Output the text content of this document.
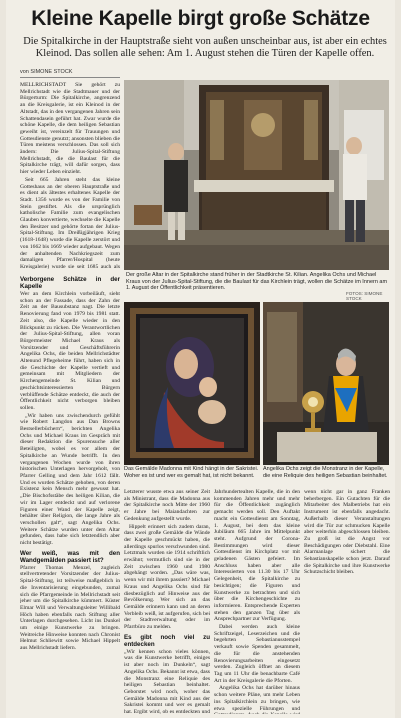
Kleine Kapelle birgt große Schätze

Die Spitalkirche in der Hauptstraße sieht von außen unscheinbar aus, ist aber ein echtes Kleinod. Das sollen alle sehen: Am 1. August stehen die Türen der Kapelle offen.

von SIMONE STOCK

MELLRICHSTADT Sie gehört zu Mellrichstadt wie die Stadtmauer und der Bürgerturm: Die Spitalkirche, angrenzend an die Kreisgalerie, ist ein Kleinod in der Altstadt, das in den vergangenen Jahren sein Schattendasein geführt hat. Zwar wurde die schöne Kapelle, die dem heiligen Sebastian geweiht ist, vereinzelt für Trauungen und Gottesdienste genutzt; ansonsten blieben die Türen meistens verschlossen. Das soll sich ändern: Die Julius-Spital-Stiftung Mellrichstadt, die die Baulast für die Spitalkirche trägt, will dafür sorgen, dass hier wieder Leben einzieht.

Seit 665 Jahren steht das kleine Gotteshaus an der oberen Hauptstraße und es dient als ältestes erhaltenes Kapelle der Stadt. 1356 wurde es von der Familie von Stein gestiftet. Als die ursprünglich katholische Familie zum evangelischen Glauben konvertierte, wechselte die Kapelle den Besitzer und gehörte fortan der Julius-Spital-Stiftung. Im Dreißigjährigen Krieg (1618-1648) wurde die Kapelle zerstört und von 1662 bis 1669 wieder aufgebaut. Wegen der anhaltenden Nachkriegszeit zum damaligen Pfarrer/Hospital (heute Kreisgalerie) wurde sie seit 1685 auch als

Der große Altar in der Spitalkirche stand früher in der Stadtkirche St. Kilian. Angelika Ochs und Michael Kraus von der Julius-Spital-Stiftung, die die Baulast für das Kirchlein trägt, wollen die Schätze im Innern am 1. August der Öffentlichkeit präsentieren.
FOTOS: SIMONE STOCK
Verborgene Schätze in der Kapelle

Wer an dem Kirchlein vorbeiläuft, sieht schon an der Fassade, dass der Zahn der Zeit an der Bausubstanz nagt. Die letzte Renovierung fand von 1979 bis 1981 statt. Zeit also, die Kapelle wieder in den Blickpunkt zu rücken. Die Verantwortlichen der Julius-Spital-Stiftung, allen voran Bürgermeister Michael Kraus als Vorsitzender und Geschäftsführerin Angelika Ochs, die beiden Mellrichstädter Altenund Pflegeheime führt, haben sich in die Geschichte der Kapelle vertieft und gemeinsam mit Mitgliedern der Kirchengemeinde St. Kilian und geschichtsinteressierten Bürgern verblüffende Schätze entdeckt, die auch der Öffentlichkeit nicht verborgen bleiben sollen.

„Wir haben uns zwischendurch gefühlt wie Robert Langdon aus Dan Browns Bestsellerbüchern“, berichten Angelika Ochs und Michael Kraus im Gespräch mit dieser Redaktion die Spurensuche aller Beteiligten, wobei es vor allem der Spitalkirche an Wunde betrifft. In den vergangenen Wochen wurde von ihren historischen Unterlagen hervorgeholt, von Pfarrer Gelling und dem Jahr 1612 fällt. Und es wurden Schätze gehoben, von deren Existenz kein Mensch mehr gewusst hat. „Die Bischofsstäbe des heiligen Kilian, die wir im Lager entdeckt und auf verlorene Figuren einer Wand der Kapelle zeigt, behälter über Religion, die lange Jahre als verschollen galt“, sagt Angelika Ochs. Weitere Schätze wurden unter dem Altar gefunden, dass habe sich letztendlich aber nicht bestätigt.

Wer weiß, was mit den Wandgemälden passiert ist?

Pfarrer Thomas Menzel, zugleich stellvertretender Vorsitzender der Julius-Spital-Stiftung, ist teilweise maßgeblich in die Inventarisierung eingebunden, zumal sich die Pfarrgemeinde in Mellrichstadt seit jeher um die Spitalkirche kümmert. Küster Elmar Will und Verwaltungsleiter Willibald Höch haben ebenfalls nach Stiftung aller Unterlagen durchgesehen. Licht ins Dunkel um einige Kunstwerke zu bringen. Weitreiche Hinweise konnten nach Chronist Helmut Schliewitt sowie Michael Hippelt aus Mellrichstadt liefern.

Das Gemälde Madonna mit Kind hängt in der Sakristei. Woher es ist und wer es gemalt hat, ist nicht bekannt.
Angelika Ochs zeigt die Monstranz in der Kapelle, die eine Reliquie des heiligen Sebastian beinhaltet.

Letzterer wusste etwa aus seiner Zeit als Ministrant, dass die Madonna aus der Spitalkirche noch Mitte der 1960 er Jahre bei Maiandachten zur Gedenkung aufgestellt wurde.

Hippelt erinnert sich zudem daran, dass zwei große Gemälde die Wände der Kapelle geschmückt haben, die allerdings spurlos verschwunden sind. Letztmals wurden sie 1914 schriftlich erwähnt; vermutlich sind sie in der Zeit zwischen 1960 und 1980 abgehängt worden. „Das wäre was, wenn wir mit ihrem passiert? Michael Kraus und Angelika Ochs sind für diesbezüglich auf Hinweise aus der Bevölkerung. Wer sich an das Gemälde erinnern kann und an deren Verbleib weiß, ist aufgerufen, sich bei der Stadtverwaltung oder im Pfarrbüro zu melden.

Es gibt noch viel zu entdecken

„Wir kennen schon vieles können, was die Kunstwerke betrifft, einiges ist aber noch im Dunkeln“, sagt Angelika Ochs. Bekannt ist etwa, dass die Monstranz eine Reliquie des heiligen Sebastian beinhaltet. Geborstet wird noch, woher das Gemälde Madonna mit Kind aus der Sakristei kommt und wer es gemalt hat. Ergibt wird, ob es entdeckten und

Jahrhundertealten Kapelle, die in den kommenden Jahren mehr und mehr für die Öffentlichkeit zugänglich gemacht werden soll. Den Auftakt macht ein Gottesdienst am Sonntag, 1. August, bei dem das kleine Jubiläum 665 Jahre im Mittelpunkt steht. Aufgrund der Corona-Bestimmungen wird dieser Gottesdienst im Kirchplatz vor mit geladenen Gästen gefeiert. Im Anschluss haben aber alle Interessierten von 11.30 bis 17 Uhr Gelegenheit, die Spitalkirche zu besichtigen; die Figuren und Kunstwerke zu betrachten und sich über die Kirchengeschichte zu informieren. Entsprechende Experten stehen den ganzen Tag über als Ansprechpartner zur Verfügung.

Dabei werden auch kleine Schriftzeigel, Leserzeichen und die begehrten Sebastianusstempel verkauft sowie Spenden gesammelt, die für die anstehenden Renovierungsarbeiten eingesetzt werden. Zugleich öffnet an diesem Tag um 11 Uhr die benachbarte Café Art in der Kreisgalerie die Pforten.

Angelika Ochs hat darüber hinaus schon weitere Pläne, um mehr Leben ins Spitalkirchlein zu bringen, wie etwa spezielle Führungen und

wenn nicht gar in ganz Franken beherbergen. Ein Gutachten für die Mitarbeiter des Malbetriebs hat ein Instrument ist ebenfalls angedacht. Außerhalb dieser Veranstaltungen wird die Tür zur schmucken Kapelle aber weiterhin abgeschlossen bleiben. Zu groß ist die Angst vor Beschädigungen oder Diebstahl. Eine Alarmanlage sichert die Sebastianskapelle schon jetzt. Darauf die Spitalkirche und ihre Kunstwerke Schutzschicht bleiben.
